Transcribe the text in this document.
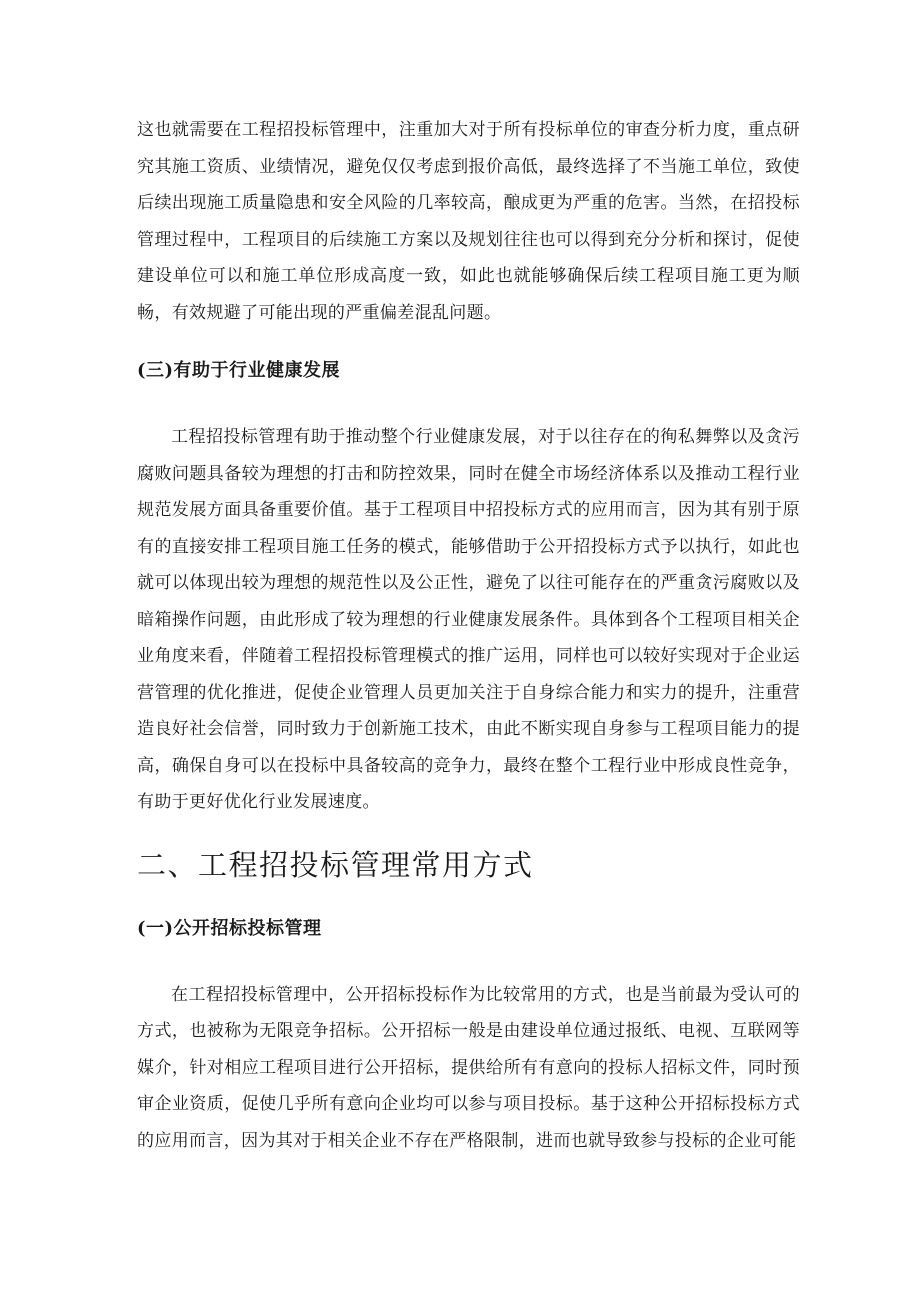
这也就需要在工程招投标管理中，注重加大对于所有投标单位的审查分析力度，重点研究其施工资质、业绩情况，避免仅仅考虑到报价高低，最终选择了不当施工单位，致使后续出现施工质量隐患和安全风险的几率较高，酿成更为严重的危害。当然，在招投标管理过程中，工程项目的后续施工方案以及规划往往也可以得到充分分析和探讨，促使建设单位可以和施工单位形成高度一致，如此也就能够确保后续工程项目施工更为顺畅，有效规避了可能出现的严重偏差混乱问题。

(三)有助于行业健康发展

工程招投标管理有助于推动整个行业健康发展，对于以往存在的徇私舞弊以及贪污腐败问题具备较为理想的打击和防控效果，同时在健全市场经济体系以及推动工程行业规范发展方面具备重要价值。基于工程项目中招投标方式的应用而言，因为其有别于原有的直接安排工程项目施工任务的模式，能够借助于公开招投标方式予以执行，如此也就可以体现出较为理想的规范性以及公正性，避免了以往可能存在的严重贪污腐败以及暗箱操作问题，由此形成了较为理想的行业健康发展条件。具体到各个工程项目相关企业角度来看，伴随着工程招投标管理模式的推广运用，同样也可以较好实现对于企业运营管理的优化推进，促使企业管理人员更加关注于自身综合能力和实力的提升，注重营造良好社会信誉，同时致力于创新施工技术，由此不断实现自身参与工程项目能力的提高，确保自身可以在投标中具备较高的竞争力，最终在整个工程行业中形成良性竞争，有助于更好优化行业发展速度。

二、工程招投标管理常用方式
(一)公开招标投标管理

在工程招投标管理中，公开招标投标作为比较常用的方式，也是当前最为受认可的方式，也被称为无限竞争招标。公开招标一般是由建设单位通过报纸、电视、互联网等媒介，针对相应工程项目进行公开招标，提供给所有有意向的投标人招标文件，同时预审企业资质，促使几乎所有意向企业均可以参与项目投标。基于这种公开招标投标方式的应用而言，因为其对于相关企业不存在严格限制，进而也就导致参与投标的企业可能
